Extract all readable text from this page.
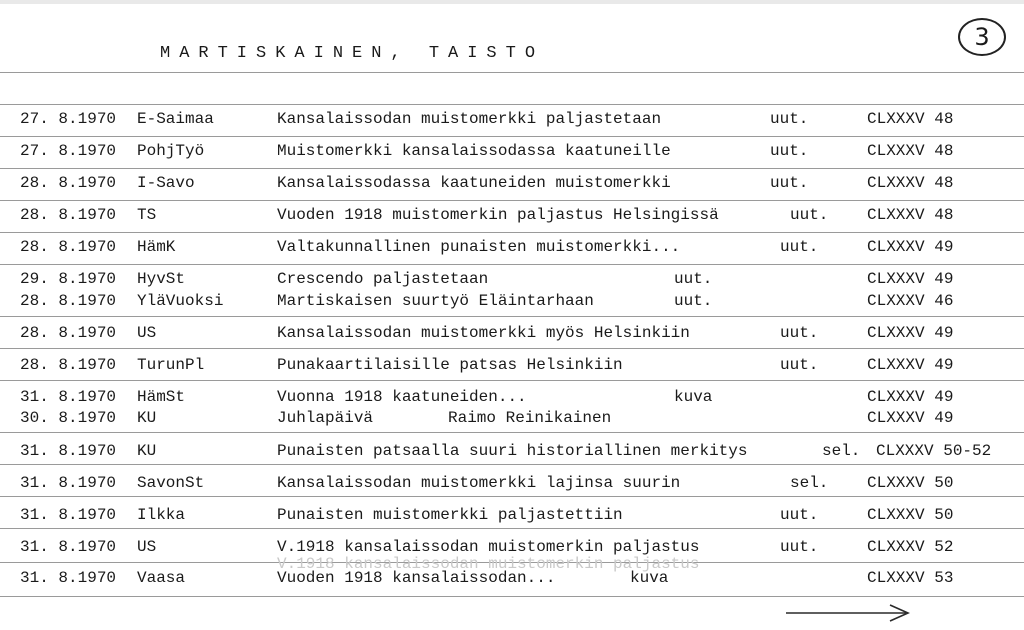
MARTISKAINEN, TAISTO
3
27. 8.1970 E-Saimaa	Kansalaissodan muistomerkki paljastetaan	uut.	CLXXXV 48
27. 8.1970 PohjTyö	Muistomerkki kansalaissodassa kaatuneille	uut.	CLXXXV 48
28. 8.1970 I-Savo	Kansalaissodassa kaatuneiden muistomerkki	uut.	CLXXXV 48
28. 8.1970 TS	Vuoden 1918 muistomerkin paljastus Helsingissä	uut. CLXXXV 48
28. 8.1970 HämK	Valtakunnallinen punaisten muistomerkki...	uut.	CLXXXV 49
29. 8.1970 HyvSt	Crescendo paljastetaan	uut.	CLXXXV 49
28. 8.1970 YläVuoksi	Martiskaisen suurtyö Eläintarhaan	uut.	CLXXXV 46
28. 8.1970 US	Kansalaissodan muistomerkki myös Helsinkiin	uut.	CLXXXV 49
28. 8.1970 TurunPl	Punakaartilaisille patsas Helsinkiin	uut.	CLXXXV 49
31. 8.1970 HämSt	Vuonna 1918 kaatuneiden...	kuva	CLXXXV 49
30. 8.1970 KU	Juhlapäivä	Raimo Reinikainen	CLXXXV 49
31. 8.1970 KU	Punaisten patsaalla suuri historiallinen merkitys	sel. CLXXXV 50-52
31. 8.1970 SavonSt	Kansalaissodan muistomerkki lajinsa suurin	sel. CLXXXV 50
31. 8.1970 Ilkka	Punaisten muistomerkki paljastettiin	uut.	CLXXXV 50
31. 8.1970 US	V.1918 kansalaissodan muistomerkin paljastus	uut.	CLXXXV 52
V.1918 kansalaissodan muistomerkin paljastus
31. 8.1970 Vaasa	Vuoden 1918 kansalaissodan...	kuva	CLXXXV 53
